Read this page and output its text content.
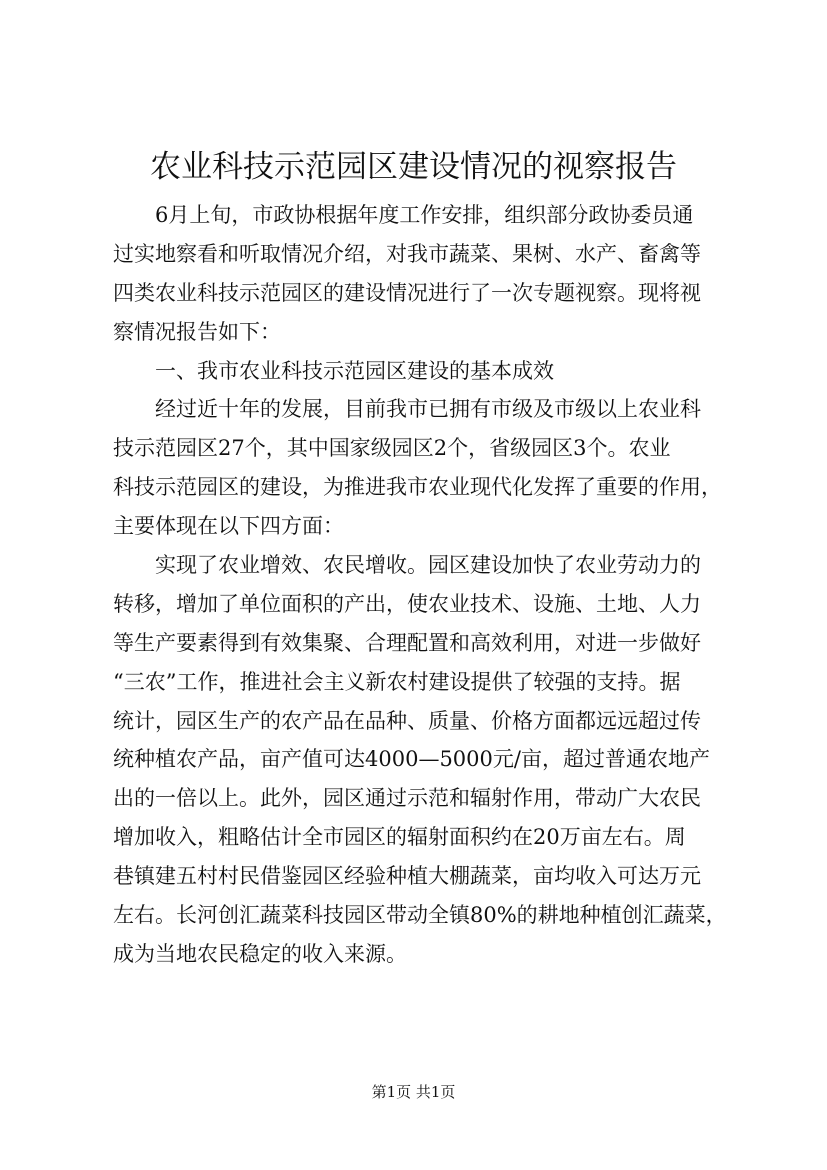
农业科技示范园区建设情况的视察报告
　　6月上旬，市政协根据年度工作安排，组织部分政协委员通
过实地察看和听取情况介绍，对我市蔬菜、果树、水产、畜禽等
四类农业科技示范园区的建设情况进行了一次专题视察。现将视
察情况报告如下：
　　一、我市农业科技示范园区建设的基本成效
　　经过近十年的发展，目前我市已拥有市级及市级以上农业科
技示范园区27个，其中国家级园区2个，省级园区3个。农业
科技示范园区的建设，为推进我市农业现代化发挥了重要的作用，
主要体现在以下四方面：
　　实现了农业增效、农民增收。园区建设加快了农业劳动力的
转移，增加了单位面积的产出，使农业技术、设施、土地、人力
等生产要素得到有效集聚、合理配置和高效利用，对进一步做好
“三农”工作，推进社会主义新农村建设提供了较强的支持。据
统计，园区生产的农产品在品种、质量、价格方面都远远超过传
统种植农产品，亩产值可达4000—5000元/亩，超过普通农地产
出的一倍以上。此外，园区通过示范和辐射作用，带动广大农民
增加收入，粗略估计全市园区的辐射面积约在20万亩左右。周
巷镇建五村村民借鉴园区经验种植大棚蔬菜，亩均收入可达万元
左右。长河创汇蔬菜科技园区带动全镇80%的耕地种植创汇蔬菜，
成为当地农民稳定的收入来源。
第1页 共1页
